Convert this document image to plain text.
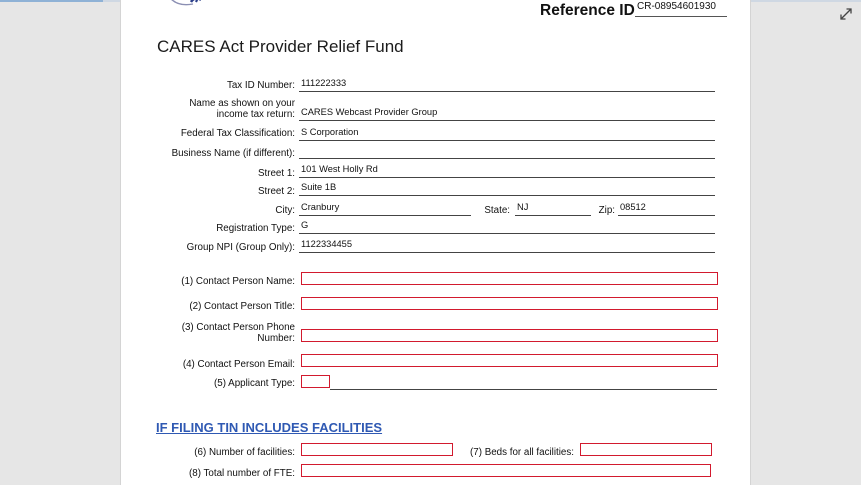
Reference ID CR-08954601930
CARES Act Provider Relief Fund
Tax ID Number: 111222333
Name as shown on your
income tax return: CARES Webcast Provider Group
Federal Tax Classification: S Corporation
Business Name (if different):
Street 1: 101 West Holly Rd
Street 2: Suite 1B
City: Cranbury	State: NJ	Zip: 08512
Registration Type: G
Group NPI (Group Only): 1122334455
(1) Contact Person Name:
(2) Contact Person Title:
(3) Contact Person Phone
Number:
(4) Contact Person Email:
(5) Applicant Type:
IF FILING TIN INCLUDES FACILITIES
(6) Number of facilities:	(7) Beds for all facilities:
(8) Total number of FTE:
